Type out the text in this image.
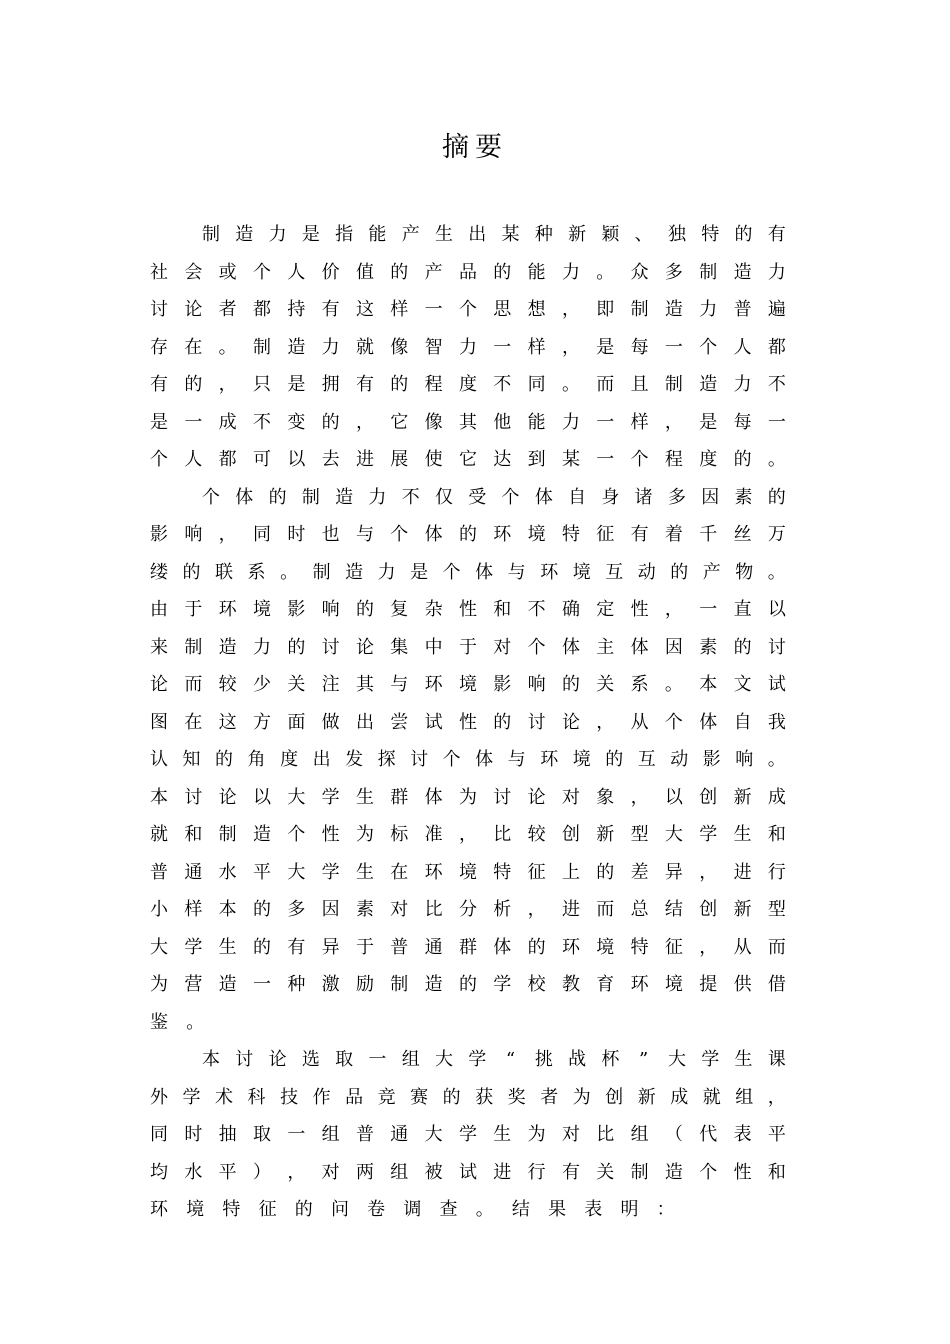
摘要
制 造 力 是 指 能 产 生 出 某 种 新 颖 、 独 特 的 有
社 会 或 个 人 价 值 的 产 品 的 能 力 。 众 多 制 造 力
讨 论 者 都 持 有 这 样 一 个 思 想 ， 即 制 造 力 普 遍
存 在 。 制 造 力 就 像 智 力 一 样 ， 是 每 一 个 人 都
有 的 ， 只 是 拥 有 的 程 度 不 同 。 而 且 制 造 力 不
是 一 成 不 变 的 ， 它 像 其 他 能 力 一 样 ， 是 每 一
个 人 都 可 以 去 进 展 使 它 达 到 某 一 个 程 度 的 。
个 体 的 制 造 力 不 仅 受 个 体 自 身 诸 多 因 素 的
影 响 ， 同 时 也 与 个 体 的 环 境 特 征 有 着 千 丝 万
缕 的 联 系 。 制 造 力 是 个 体 与 环 境 互 动 的 产 物 。
由 于 环 境 影 响 的 复 杂 性 和 不 确 定 性 ， 一 直 以
来 制 造 力 的 讨 论 集 中 于 对 个 体 主 体 因 素 的 讨
论 而 较 少 关 注 其 与 环 境 影 响 的 关 系 。 本 文 试
图 在 这 方 面 做 出 尝 试 性 的 讨 论 ， 从 个 体 自 我
认 知 的 角 度 出 发 探 讨 个 体 与 环 境 的 互 动 影 响 。
本 讨 论 以 大 学 生 群 体 为 讨 论 对 象 ， 以 创 新 成
就 和 制 造 个 性 为 标 准 ， 比 较 创 新 型 大 学 生 和
普 通 水 平 大 学 生 在 环 境 特 征 上 的 差 异 ， 进 行
小 样 本 的 多 因 素 对 比 分 析 ， 进 而 总 结 创 新 型
大 学 生 的 有 异 于 普 通 群 体 的 环 境 特 征 ， 从 而
为 营 造 一 种 激 励 制 造 的 学 校 教 育 环 境 提 供 借
鉴 。
本 讨 论 选 取 一 组 大 学 “ 挑 战 杯 ” 大 学 生 课
外 学 术 科 技 作 品 竞 赛 的 获 奖 者 为 创 新 成 就 组 ，
同 时 抽 取 一 组 普 通 大 学 生 为 对 比 组 （ 代 表 平
均 水 平 ） ， 对 两 组 被 试 进 行 有 关 制 造 个 性 和
环 境 特 征 的 问 卷 调 查 。 结 果 表 明 ：
